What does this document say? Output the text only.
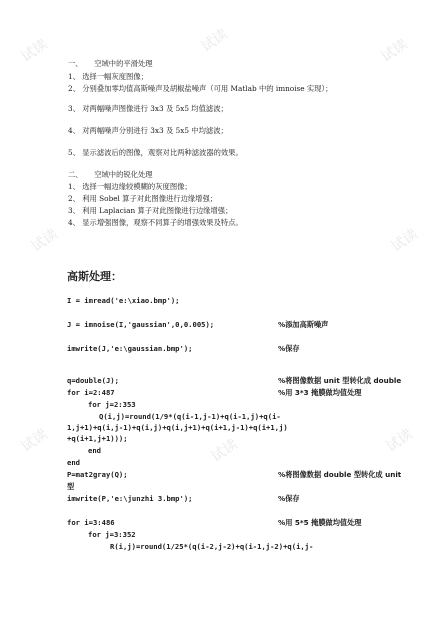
试读	试读	试读
试读	试读
试读	试读	试读
一、     空域中的平滑处理
1、 选择一幅灰度图像；
2、 分别叠加零均值高斯噪声及胡椒盐噪声（可用 Matlab 中的 imnoise 实现）；
3、 对两幅噪声图像进行 3x3 及 5x5 均值滤波；
4、 对两幅噪声分别进行 3x3 及 5x5 中均滤波；
5、 显示滤波后的图像，观察对比两种滤波器的效果。
二、     空域中的锐化处理
1、 选择一幅边缘较模糊的灰度图像；
2、 利用 Sobel 算子对此图像进行边缘增强；
3、 利用 Laplacian 算子对此图像进行边缘增强；
4、 显示增强图像，观察不同算子的增强效果及特点。
高斯处理：
I = imread('e:\xiao.bmp');
J = imnoise(I,'gaussian',0,0.005);
imwrite(J,'e:\gaussian.bmp');
q=double(J);
for i=2:487
for j=2:353
Q(i,j)=round(1/9*(q(i-1,j-1)+q(i-1,j)+q(i-
1,j+1)+q(i,j-1)+q(i,j)+q(i,j+1)+q(i+1,j-1)+q(i+1,j)
+q(i+1,j+1)));
end
end
P=mat2gray(Q);
imwrite(P,'e:\junzhi 3.bmp');
for i=3:486
for j=3:352
R(i,j)=round(1/25*(q(i-2,j-2)+q(i-1,j-2)+q(i,j-
%添加高斯噪声
%保存
%将图像数据 unit 型转化成 double
%用 3*3 掩膜做均值处理
%将图像数据 double 型转化成 unit
%保存
%用 5*5 掩膜做均值处理
型
